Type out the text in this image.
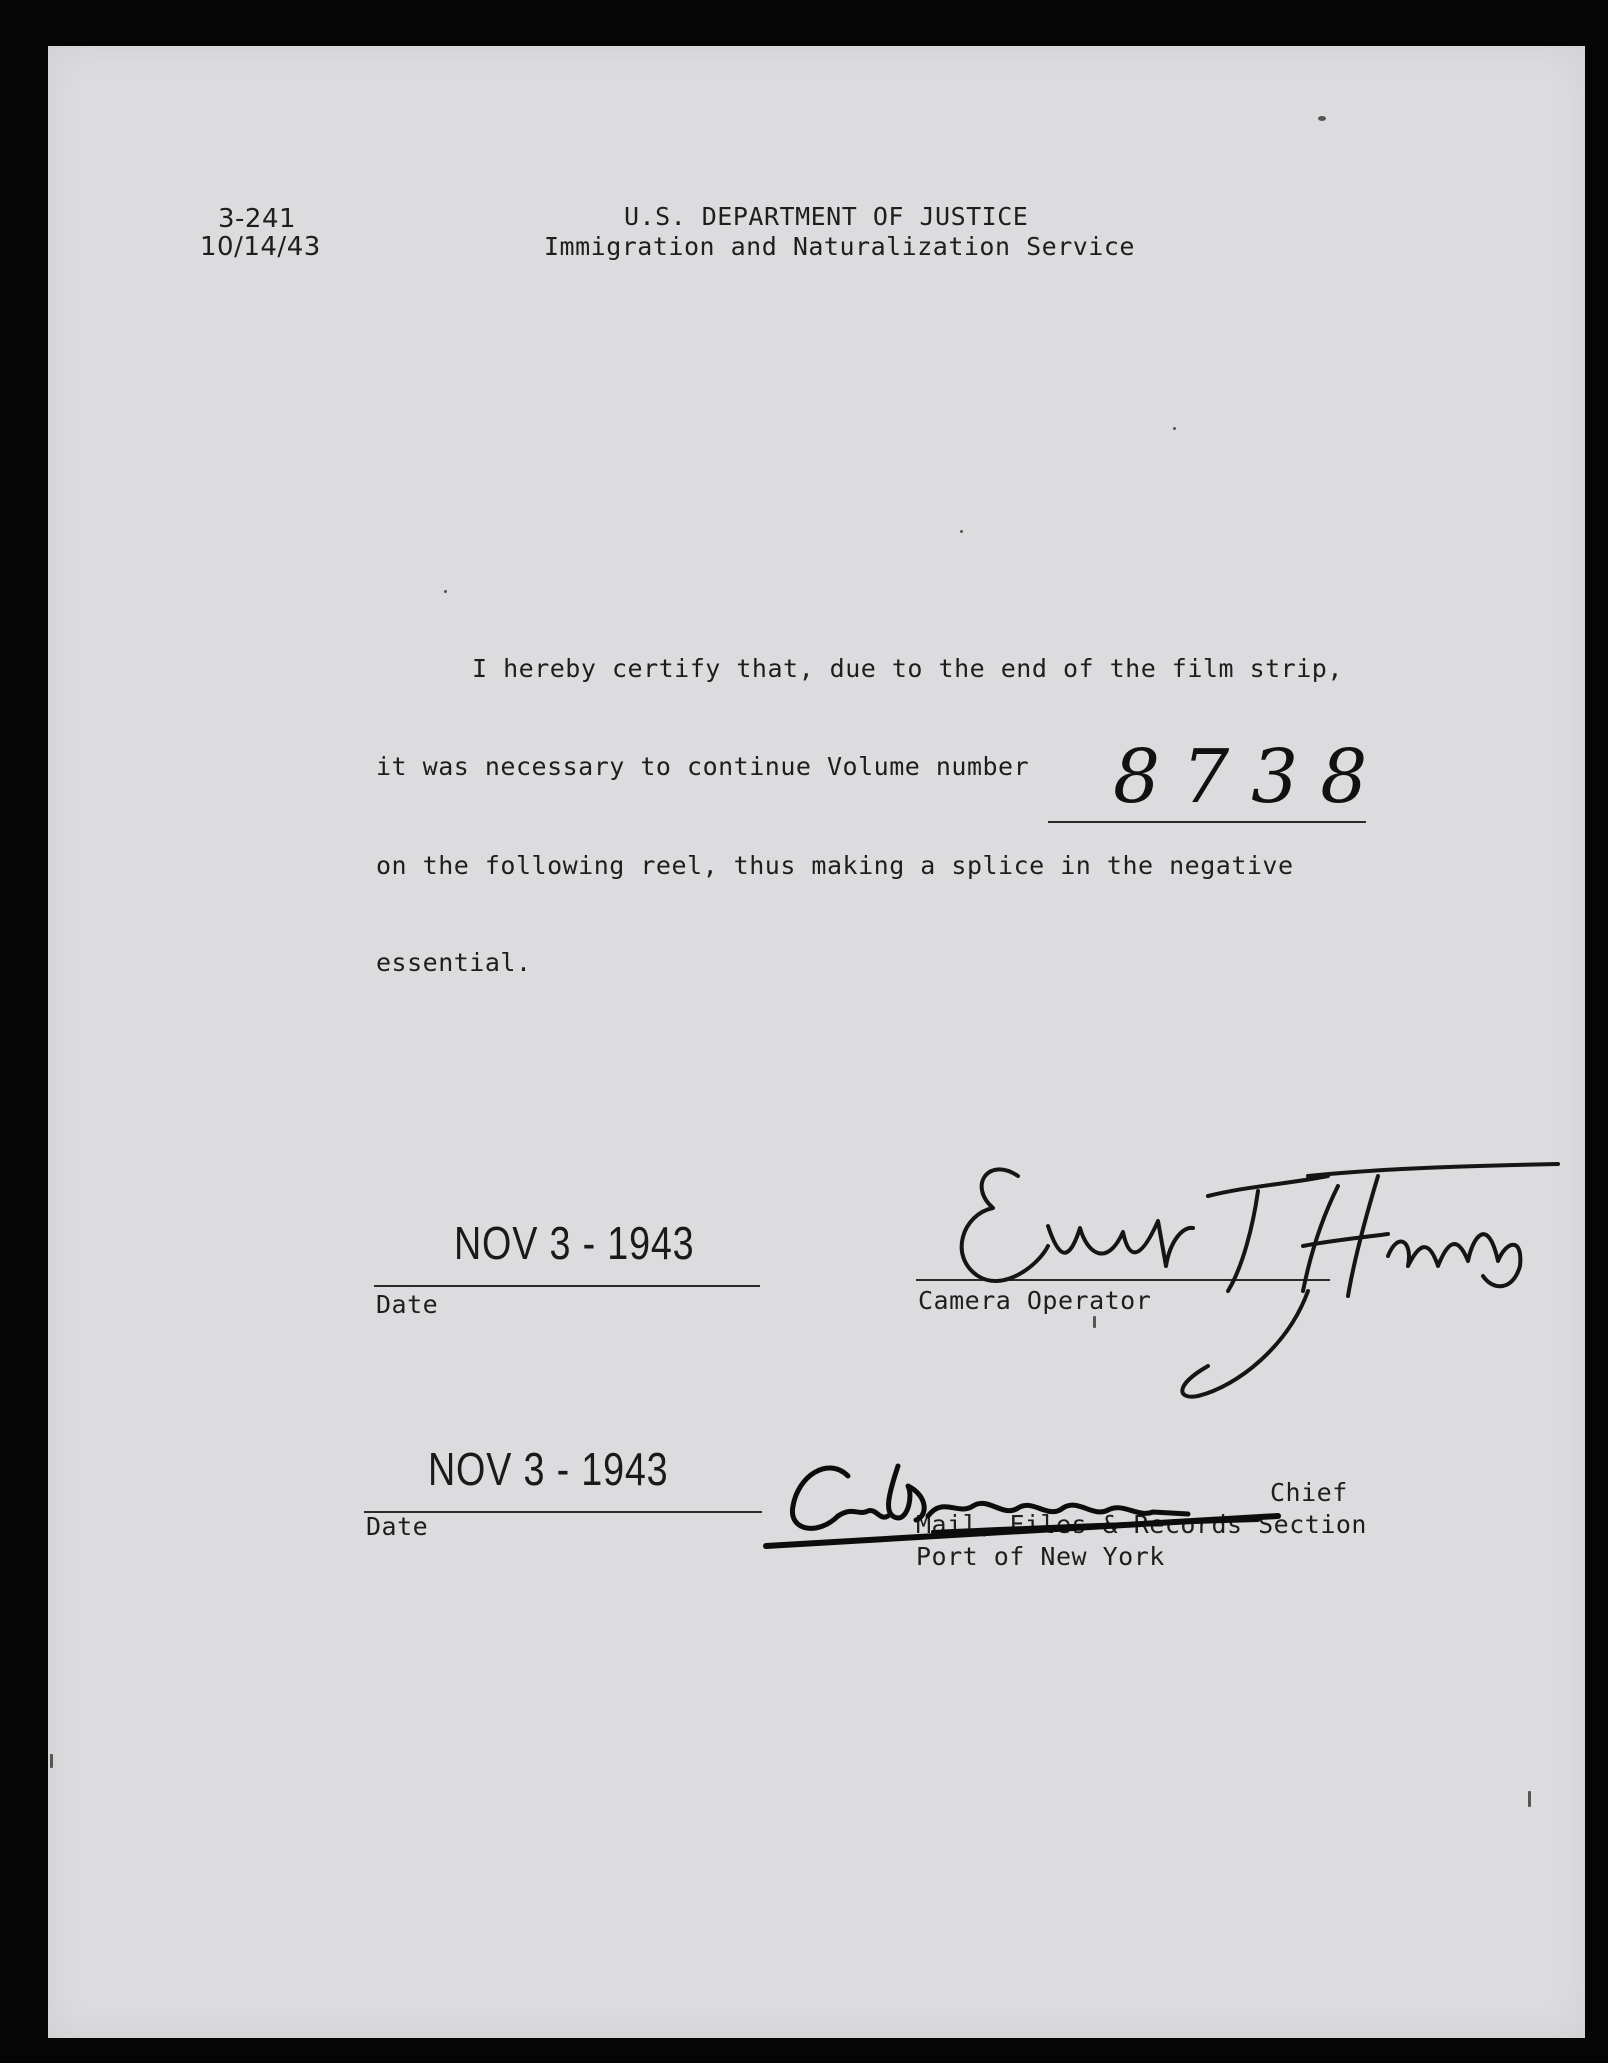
3-241
10/14/43
U.S. DEPARTMENT OF JUSTICE
Immigration and Naturalization Service
I hereby certify that, due to the end of the film strip,
it was necessary to continue Volume number 8738
on the following reel, thus making a splice in the negative
essential.
NOV 3 - 1943
Date	Camera Operator
NOV 3 - 1943
Date
Chief
Mail, Files & Records Section
Port of New York
